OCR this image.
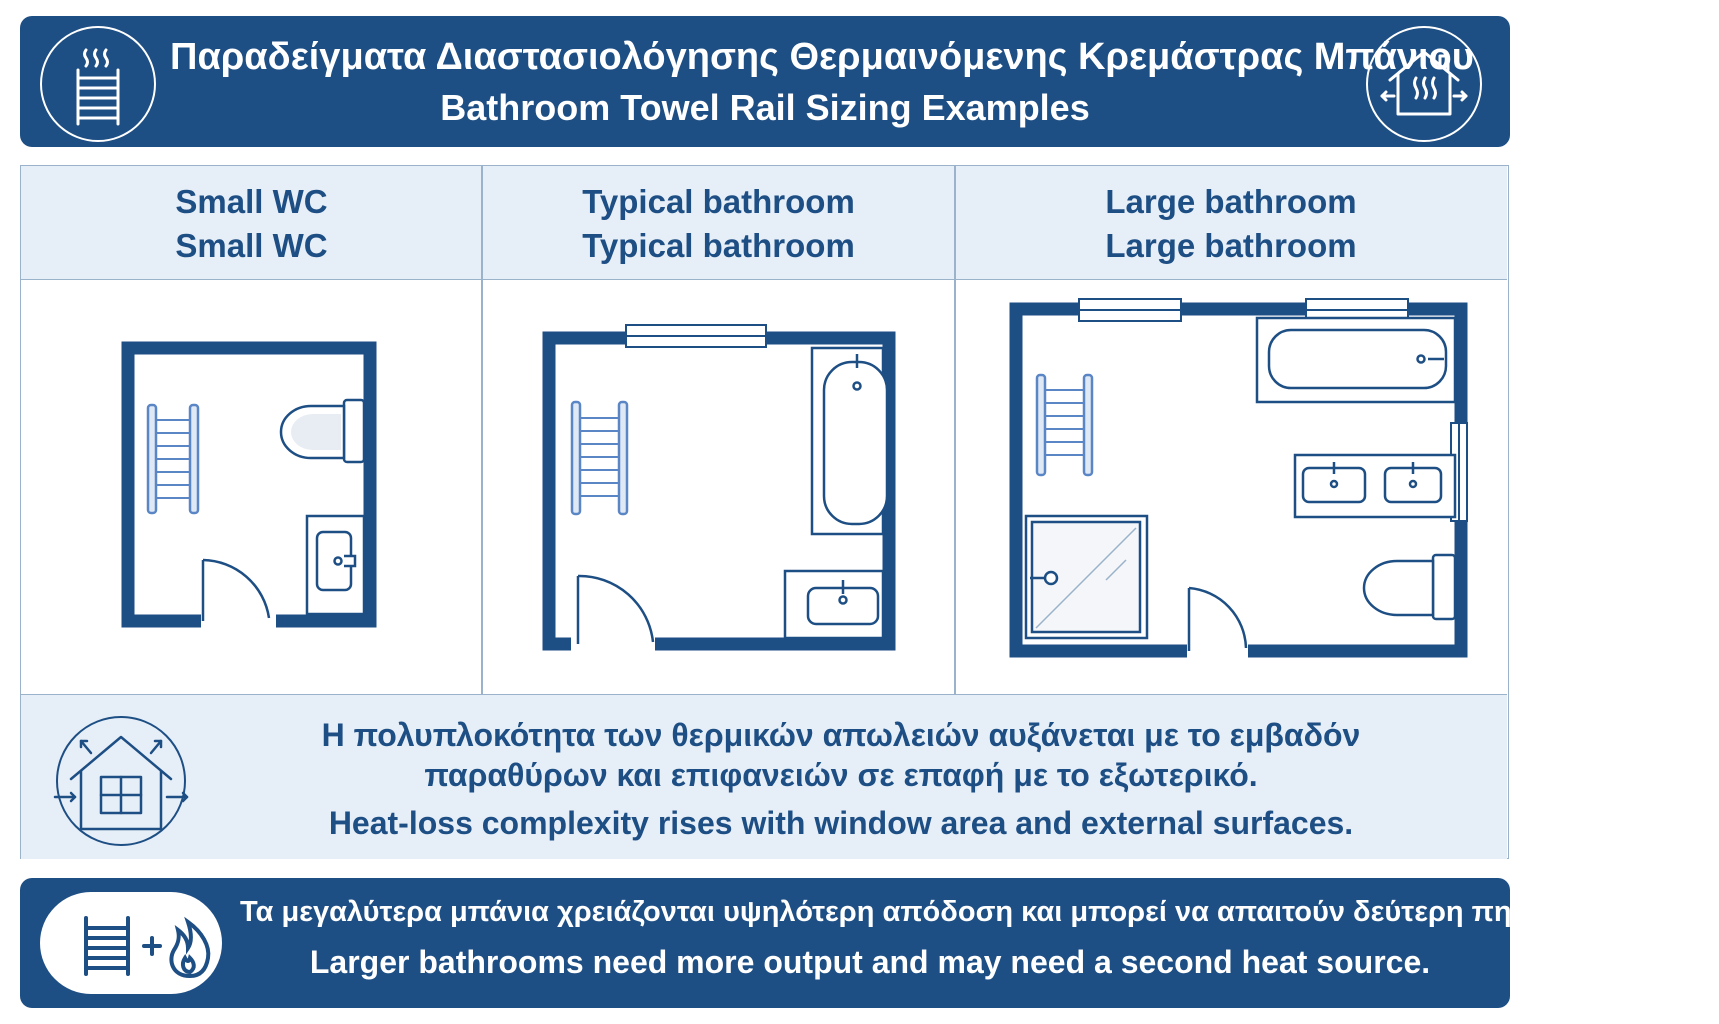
Παραδείγματα Διαστασιολόγησης Θερμαινόμενης Κρεμάστρας Μπάνιου
Bathroom Towel Rail Sizing Examples
Small WC
Small WC
Typical bathroom
Typical bathroom
Large bathroom
Large bathroom
Η πολυπλοκότητα των θερμικών απωλειών αυξάνεται με το εμβαδόν παραθύρων και επιφανειών σε επαφή με το εξωτερικό.
Heat-loss complexity rises with window area and external surfaces.
Τα μεγαλύτερα μπάνια χρειάζονται υψηλότερη απόδοση και μπορεί να απαιτούν δεύτερη πηγή θερμότητας.
Larger bathrooms need more output and may need a second heat source.
